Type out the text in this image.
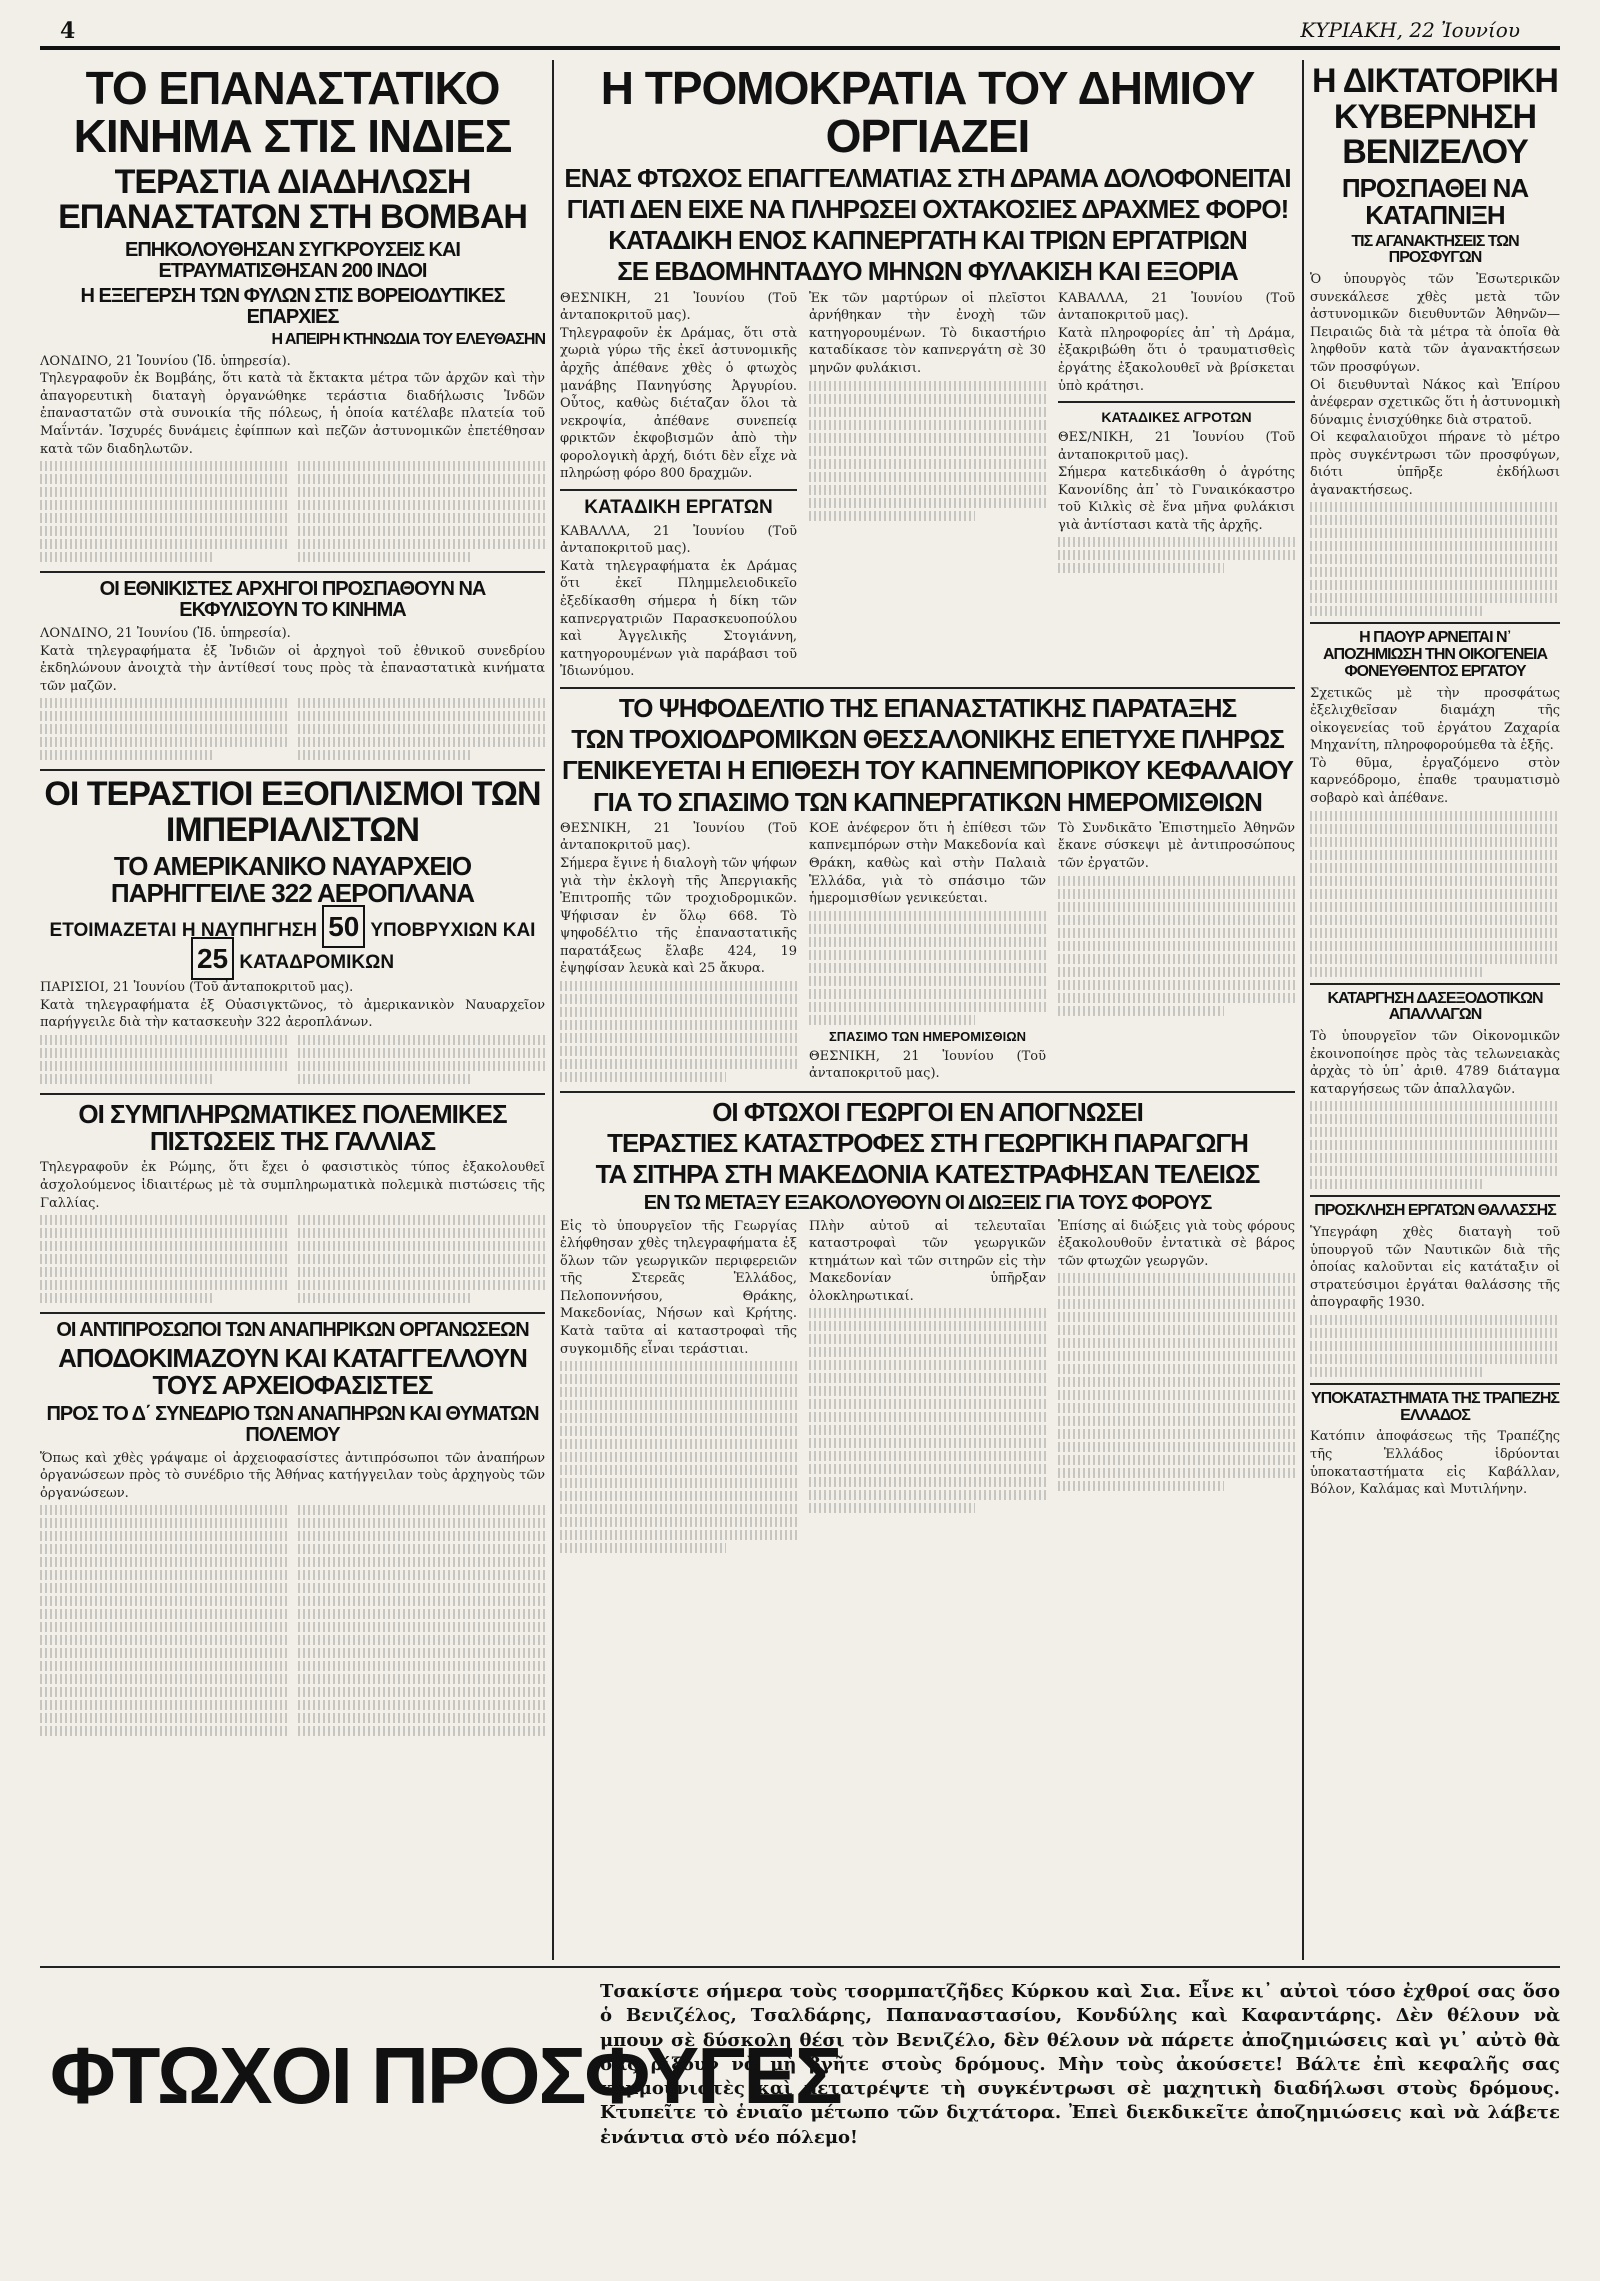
4	ΚΥΡΙΑΚΗ, 22 Ἰουνίου
ΤΟ ΕΠΑΝΑΣΤΑΤΙΚΟ ΚΙΝΗΜΑ ΣΤΙΣ ΙΝΔΙΕΣ
ΤΕΡΑΣΤΙΑ ΔΙΑΔΗΛΩΣΗ ΕΠΑΝΑΣΤΑΤΩΝ ΣΤΗ ΒΟΜΒΑΗ
ΕΠΗΚΟΛΟΥΘΗΣΑΝ ΣΥΓΚΡΟΥΣΕΙΣ ΚΑΙ ΕΤΡΑΥΜΑΤΙΣΘΗΣΑΝ 200 ΙΝΔΟΙ
Η ΕΞΕΓΕΡΣΗ ΤΩΝ ΦΥΛΩΝ ΣΤΙΣ ΒΟΡΕΙΟΔΥΤΙΚΕΣ ΕΠΑΡΧΙΕΣ
Η ΑΠΕΙΡΗ ΚΤΗΝΩΔΙΑ ΤΟΥ ΕΛΕΥΘΑΣΗΝ
ΛΟΝΔΙΝΟ, 21 Ἰουνίου (Ἰδ. ὑπηρεσία).
Τηλεγραφοῦν ἐκ Βομβάης, ὅτι κατὰ τὰ ἔκτακτα μέτρα τῶν ἀρχῶν καὶ τὴν ἀπαγορευτικὴ διαταγὴ ὀργανώθηκε τεράστια διαδήλωσις Ἰνδῶν ἐπαναστατῶν στὰ συνοικία τῆς πόλεως, ἡ ὁποία κατέλαβε πλατεία τοῦ Μαΐντάν. Ἰσχυρές δυνάμεις ἐφίππων καὶ πεζῶν ἀστυνομικῶν ἐπετέθησαν κατὰ τῶν διαδηλωτῶν.
ΟΙ ΕΘΝΙΚΙΣΤΕΣ ΑΡΧΗΓΟΙ ΠΡΟΣΠΑΘΟΥΝ ΝΑ ΕΚΦΥΛΙΣΟΥΝ ΤΟ ΚΙΝΗΜΑ
ΛΟΝΔΙΝΟ, 21 Ἰουνίου (Ἰδ. ὑπηρεσία).
Κατὰ τηλεγραφήματα ἐξ Ἰνδιῶν οἱ ἀρχηγοὶ τοῦ ἐθνικοῦ συνεδρίου ἐκδηλώνουν ἀνοιχτὰ τὴν ἀντίθεσί τους πρὸς τὰ ἐπαναστατικὰ κινήματα τῶν μαζῶν.
ΟΙ ΤΕΡΑΣΤΙΟΙ ΕΞΟΠΛΙΣΜΟΙ ΤΩΝ ΙΜΠΕΡΙΑΛΙΣΤΩΝ
ΤΟ ΑΜΕΡΙΚΑΝΙΚΟ ΝΑΥΑΡΧΕΙΟ ΠΑΡΗΓΓΕΙΛΕ 322 ΑΕΡΟΠΛΑΝΑ
ΕΤΟΙΜΑΖΕΤΑΙ Η ΝΑΥΠΗΓΗΣΗ 50 ΥΠΟΒΡΥΧΙΩΝ ΚΑΙ 25 ΚΑΤΑΔΡΟΜΙΚΩΝ
ΠΑΡΙΣΙΟΙ, 21 Ἰουνίου (Τοῦ ἀνταποκριτοῦ μας).
Κατὰ τηλεγραφήματα ἐξ Οὐασιγκτῶνος, τὸ ἀμερικανικὸν Ναυαρχεῖον παρήγγειλε διὰ τὴν κατασκευὴν 322 ἀεροπλάνων.
ΟΙ ΣΥΜΠΛΗΡΩΜΑΤΙΚΕΣ ΠΟΛΕΜΙΚΕΣ ΠΙΣΤΩΣΕΙΣ ΤΗΣ ΓΑΛΛΙΑΣ
Τηλεγραφοῦν ἐκ Ρώμης, ὅτι ἔχει ὁ φασιστικὸς τύπος ἐξακολουθεῖ ἀσχολούμενος ἰδιαιτέρως μὲ τὰ συμπληρωματικὰ πολεμικὰ πιστώσεις τῆς Γαλλίας.
ΟΙ ΑΝΤΙΠΡΟΣΩΠΟΙ ΤΩΝ ΑΝΑΠΗΡΙΚΩΝ ΟΡΓΑΝΩΣΕΩΝ
ΑΠΟΔΟΚΙΜΑΖΟΥΝ ΚΑΙ ΚΑΤΑΓΓΕΛΛΟΥΝ ΤΟΥΣ ΑΡΧΕΙΟΦΑΣΙΣΤΕΣ
ΠΡΟΣ ΤΟ Δ΄ ΣΥΝΕΔΡΙΟ ΤΩΝ ΑΝΑΠΗΡΩΝ ΚΑΙ ΘΥΜΑΤΩΝ ΠΟΛΕΜΟΥ
Ὅπως καὶ χθὲς γράψαμε οἱ ἀρχειοφασίστες ἀντιπρόσωποι τῶν ἀναπήρων ὀργανώσεων πρὸς τὸ συνέδριο τῆς Ἀθήνας κατήγγειλαν τοὺς ἀρχηγοὺς τῶν ὀργανώσεων.
Η ΤΡΟΜΟΚΡΑΤΙΑ ΤΟΥ ΔΗΜΙΟΥ ΟΡΓΙΑΖΕΙ
ΕΝΑΣ ΦΤΩΧΟΣ ΕΠΑΓΓΕΛΜΑΤΙΑΣ ΣΤΗ ΔΡΑΜΑ ΔΟΛΟΦΟΝΕΙΤΑΙ
ΓΙΑΤΙ ΔΕΝ ΕΙΧΕ ΝΑ ΠΛΗΡΩΣΕΙ ΟΧΤΑΚΟΣΙΕΣ ΔΡΑΧΜΕΣ ΦΟΡΟ!
ΚΑΤΑΔΙΚΗ ΕΝΟΣ ΚΑΠΝΕΡΓΑΤΗ ΚΑΙ ΤΡΙΩΝ ΕΡΓΑΤΡΙΩΝ
ΣΕ ΕΒΔΟΜΗΝΤΑΔΥΟ ΜΗΝΩΝ ΦΥΛΑΚΙΣΗ ΚΑΙ ΕΞΟΡΙΑ
ΘΕΣΝΙΚΗ, 21 Ἰουνίου (Τοῦ ἀνταποκριτοῦ μας).
Τηλεγραφοῦν ἐκ Δράμας, ὅτι στὰ χωριὰ γύρω τῆς ἐκεῖ ἀστυνομικῆς ἀρχῆς ἀπέθανε χθὲς ὁ φτωχὸς μανάβης Πανηγύσης Ἀργυρίου. Οὗτος, καθὼς διέταζαν ὅλοι τὰ νεκροψία, ἀπέθανε συνεπείᾳ φρικτῶν ἐκφοβισμῶν ἀπὸ τὴν φορολογικὴ ἀρχή, διότι δὲν εἶχε νὰ πληρώσῃ φόρο 800 δραχμῶν.
ΚΑΤΑΔΙΚΗ ΕΡΓΑΤΩΝ
ΚΑΒΑΛΛΑ, 21 Ἰουνίου (Τοῦ ἀνταποκριτοῦ μας).
Κατὰ τηλεγραφήματα ἐκ Δράμας ὅτι ἐκεῖ Πλημμελειοδικεῖο ἐξεδίκασθη σήμερα ἡ δίκη τῶν καπνεργατριῶν Παρασκευοπούλου καὶ Ἀγγελικῆς Στογιάννη, κατηγορουμένων γιὰ παράβασι τοῦ Ἰδιωνύμου.
Ἐκ τῶν μαρτύρων οἱ πλεῖστοι ἀρνήθηκαν τὴν ἐνοχὴ τῶν κατηγορουμένων. Τὸ δικαστήριο καταδίκασε τὸν καπνεργάτη σὲ 30 μηνῶν φυλάκισι.
ΚΑΒΑΛΛΑ, 21 Ἰουνίου (Τοῦ ἀνταποκριτοῦ μας).
Κατὰ πληροφορίες ἀπ᾽ τὴ Δράμα, ἐξακριβώθη ὅτι ὁ τραυματισθεὶς ἐργάτης ἐξακολουθεῖ νὰ βρίσκεται ὑπὸ κράτησι.
ΚΑΤΑΔΙΚΕΣ ΑΓΡΟΤΩΝ
ΘΕΣ/ΝΙΚΗ, 21 Ἰουνίου (Τοῦ ἀνταποκριτοῦ μας).
Σήμερα κατεδικάσθη ὁ ἀγρότης Κανονίδης ἀπ᾽ τὸ Γυναικόκαστρο τοῦ Κιλκὶς σὲ ἕνα μῆνα φυλάκισι γιὰ ἀντίστασι κατὰ τῆς ἀρχῆς.
ΤΟ ΨΗΦΟΔΕΛΤΙΟ ΤΗΣ ΕΠΑΝΑΣΤΑΤΙΚΗΣ ΠΑΡΑΤΑΞΗΣ
ΤΩΝ ΤΡΟΧΙΟΔΡΟΜΙΚΩΝ ΘΕΣΣΑΛΟΝΙΚΗΣ ΕΠΕΤΥΧΕ ΠΛΗΡΩΣ
ΓΕΝΙΚΕΥΕΤΑΙ Η ΕΠΙΘΕΣΗ ΤΟΥ ΚΑΠΝΕΜΠΟΡΙΚΟΥ ΚΕΦΑΛΑΙΟΥ
ΓΙΑ ΤΟ ΣΠΑΣΙΜΟ ΤΩΝ ΚΑΠΝΕΡΓΑΤΙΚΩΝ ΗΜΕΡΟΜΙΣΘΙΩΝ
ΘΕΣΝΙΚΗ, 21 Ἰουνίου (Τοῦ ἀνταποκριτοῦ μας).
Σήμερα ἔγινε ἡ διαλογὴ τῶν ψήφων γιὰ τὴν ἐκλογὴ τῆς Ἀπεργιακῆς Ἐπιτροπῆς τῶν τροχιοδρομικῶν. Ψήφισαν ἐν ὅλῳ 668. Τὸ ψηφοδέλτιο τῆς ἐπαναστατικῆς παρατάξεως ἔλαβε 424, 19 ἐψηφίσαν λευκὰ καὶ 25 ἄκυρα.
ΚΟΕ ἀνέφερον ὅτι ἡ ἐπίθεσι τῶν καπνεμπόρων στὴν Μακεδονία καὶ Θράκη, καθὼς καὶ στὴν Παλαιὰ Ἑλλάδα, γιὰ τὸ σπάσιμο τῶν ἡμερομισθίων γενικεύεται.
ΣΠΑΣΙΜΟ ΤΩΝ ΗΜΕΡΟΜΙΣΘΙΩΝ
ΘΕΣΝΙΚΗ, 21 Ἰουνίου (Τοῦ ἀνταποκριτοῦ μας).
Τὸ Συνδικᾶτο Ἐπιστημεῖο Ἀθηνῶν ἔκανε σύσκεψι μὲ ἀντιπροσώπους τῶν ἐργατῶν.
ΟΙ ΦΤΩΧΟΙ ΓΕΩΡΓΟΙ ΕΝ ΑΠΟΓΝΩΣΕΙ
ΤΕΡΑΣΤΙΕΣ ΚΑΤΑΣΤΡΟΦΕΣ ΣΤΗ ΓΕΩΡΓΙΚΗ ΠΑΡΑΓΩΓΗ
ΤΑ ΣΙΤΗΡΑ ΣΤΗ ΜΑΚΕΔΟΝΙΑ ΚΑΤΕΣΤΡΑΦΗΣΑΝ ΤΕΛΕΙΩΣ
ΕΝ ΤΩ ΜΕΤΑΞΥ ΕΞΑΚΟΛΟΥΘΟΥΝ ΟΙ ΔΙΩΞΕΙΣ ΓΙΑ ΤΟΥΣ ΦΟΡΟΥΣ
Εἰς τὸ ὑπουργεῖον τῆς Γεωργίας ἐλήφθησαν χθὲς τηλεγραφήματα ἐξ ὅλων τῶν γεωργικῶν περιφερειῶν τῆς Στερεᾶς Ἑλλάδος, Πελοποννήσου, Θράκης, Μακεδονίας, Νήσων καὶ Κρήτης. Κατὰ ταῦτα αἱ καταστροφαὶ τῆς συγκομιδῆς εἶναι τεράστιαι.
Πλὴν αὐτοῦ αἱ τελευταῖαι καταστροφαὶ τῶν γεωργικῶν κτημάτων καὶ τῶν σιτηρῶν εἰς τὴν Μακεδονίαν ὑπῆρξαν ὀλοκληρωτικαί.
Ἐπίσης αἱ διώξεις γιὰ τοὺς φόρους ἐξακολουθοῦν ἐντατικὰ σὲ βάρος τῶν φτωχῶν γεωργῶν.
Η ΔΙΚΤΑΤΟΡΙΚΗ ΚΥΒΕΡΝΗΣΗ ΒΕΝΙΖΕΛΟΥ
ΠΡΟΣΠΑΘΕΙ ΝΑ ΚΑΤΑΠΝΙΞΗ
ΤΙΣ ΑΓΑΝΑΚΤΗΣΕΙΣ ΤΩΝ ΠΡΟΣΦΥΓΩΝ
Ὁ ὑπουργὸς τῶν Ἐσωτερικῶν συνεκάλεσε χθὲς μετὰ τῶν ἀστυνομικῶν διευθυντῶν Ἀθηνῶν—Πειραιῶς διὰ τὰ μέτρα τὰ ὁποῖα θὰ ληφθοῦν κατὰ τῶν ἀγανακτήσεων τῶν προσφύγων.
Οἱ διευθυνταὶ Νάκος καὶ Ἐπίρου ἀνέφεραν σχετικῶς ὅτι ἡ ἀστυνομικὴ δύναμις ἐνισχύθηκε διὰ στρατοῦ.
Οἱ κεφαλαιοῦχοι πήρανε τὸ μέτρο πρὸς συγκέντρωσι τῶν προσφύγων, διότι ὑπῆρξε ἐκδήλωσι ἀγανακτήσεως.
Η ΠΑΟΥΡ ΑΡΝΕΙΤΑΙ Ν᾽ ΑΠΟΖΗΜΙΩΣΗ ΤΗΝ ΟΙΚΟΓΕΝΕΙΑ ΦΟΝΕΥΘΕΝΤΟΣ ΕΡΓΑΤΟΥ
Σχετικῶς μὲ τὴν προσφάτως ἐξελιχθεῖσαν διαμάχη τῆς οἰκογενείας τοῦ ἐργάτου Ζαχαρία Μηχανίτη, πληροφορούμεθα τὰ ἑξῆς.
Τὸ θῦμα, ἐργαζόμενο στὸν καρνεόδρομο, ἐπαθε τραυματισμὸ σοβαρὸ καὶ ἀπέθανε.
ΚΑΤΑΡΓΗΣΗ ΔΑΣΕΞΟΔΟΤΙΚΩΝ ΑΠΑΛΛΑΓΩΝ
Τὸ ὑπουργεῖον τῶν Οἰκονομικῶν ἐκοινοποίησε πρὸς τὰς τελωνειακὰς ἀρχὰς τὸ ὑπ᾽ ἀριθ. 4789 διάταγμα καταργήσεως τῶν ἀπαλλαγῶν.
ΠΡΟΣΚΛΗΣΗ ΕΡΓΑΤΩΝ ΘΑΛΑΣΣΗΣ
Ὑπεγράφη χθὲς διαταγὴ τοῦ ὑπουργοῦ τῶν Ναυτικῶν διὰ τῆς ὁποίας καλοῦνται εἰς κατάταξιν οἱ στρατεύσιμοι ἐργάται θαλάσσης τῆς ἀπογραφῆς 1930.
ΥΠΟΚΑΤΑΣΤΗΜΑΤΑ ΤΗΣ ΤΡΑΠΕΖΗΣ ΕΛΛΑΔΟΣ
Κατόπιν ἀποφάσεως τῆς Τραπέζης τῆς Ἑλλάδος ἱδρύονται ὑποκαταστήματα εἰς Καβάλλαν, Βόλον, Καλάμας καὶ Μυτιλήνην.
ΦΤΩΧΟΙ ΠΡΟΣΦΥΓΕΣ
Τσακίστε σήμερα τοὺς τσορμπατζῆδες Κύρκου καὶ Σια. Εἶνε κι᾽ αὐτοὶ τόσο ἐχθροί σας ὅσο ὁ Βενιζέλος, Τσαλδάρης, Παπαναστασίου, Κονδύλης καὶ Καφαντάρης. Δὲν θέλουν νὰ μπουν σὲ δύσκολη θέσι τὸν Βενιζέλο, δὲν θέλουν νὰ πάρετε ἀποζημιώσεις καὶ γι᾽ αὐτὸ θὰ σᾶς ρίξουν νὰ μὴ βγῆτε στοὺς δρόμους. Μὴν τοὺς ἀκούσετε! Βάλτε ἐπὶ κεφαλῆς σας κομμουνιστὲς καὶ μετατρέψτε τὴ συγκέντρωσι σὲ μαχητικὴ διαδήλωσι στοὺς δρόμους. Κτυπεῖτε τὸ ἑνιαῖο μέτωπο τῶν διχτάτορα. Ἐπεὶ διεκδικεῖτε ἀποζημιώσεις καὶ νὰ λάβετε ἐνάντια στὸ νέο πόλεμο!
